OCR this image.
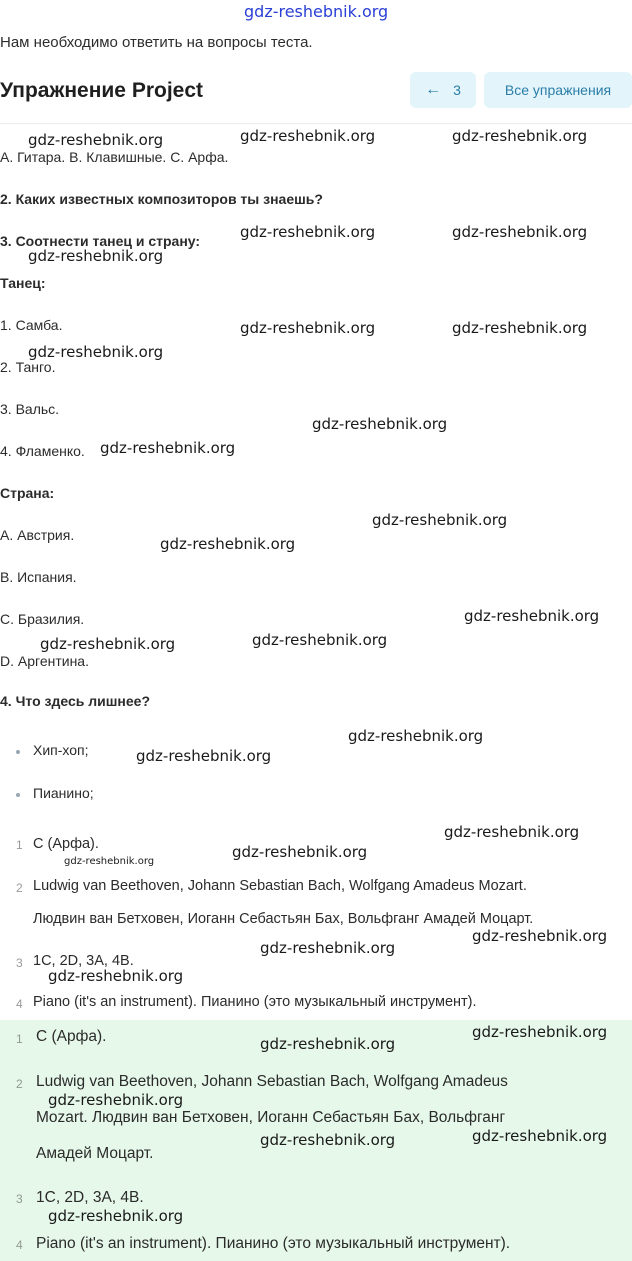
gdz-reshebnik.org
Нам необходимо ответить на вопросы теста.
Упражнение Project	← 3	Все упражнения
A. Гитара. B. Клавишные. C. Арфа.
2. Каких известных композиторов ты знаешь?
3. Соотнести танец и страну:
Танец:
1. Самба.
2. Танго.
3. Вальс.
4. Фламенко.
Страна:
A. Австрия.
B. Испания.
C. Бразилия.
D. Аргентина.
4. Что здесь лишнее?
Хип-хоп;
Пианино;
1 C (Арфа).
2 Ludwig van Beethoven, Johann Sebastian Bach, Wolfgang Amadeus Mozart.
Людвин ван Бетховен, Иоганн Себастьян Бах, Вольфганг Амадей Моцарт.
3 1C, 2D, 3A, 4B.
4 Piano (it's an instrument). Пианино (это музыкальный инструмент).
1 C (Арфа).
2 Ludwig van Beethoven, Johann Sebastian Bach, Wolfgang Amadeus
Mozart. Людвин ван Бетховен, Иоганн Себастьян Бах, Вольфганг
Амадей Моцарт.
3 1C, 2D, 3A, 4B.
4 Piano (it's an instrument). Пианино (это музыкальный инструмент).
gdz-reshebnik.org	gdz-reshebnik.org	gdz-reshebnik.org
gdz-reshebnik.org	gdz-reshebnik.org
gdz-reshebnik.org
gdz-reshebnik.org	gdz-reshebnik.org
gdz-reshebnik.org
gdz-reshebnik.org
gdz-reshebnik.org
gdz-reshebnik.org
gdz-reshebnik.org
gdz-reshebnik.org
gdz-reshebnik.org
gdz-reshebnik.org
gdz-reshebnik.org
gdz-reshebnik.org
gdz-reshebnik.org
gdz-reshebnik.org
gdz-reshebnik.org
gdz-reshebnik.org
gdz-reshebnik.org
gdz-reshebnik.org
gdz-reshebnik.org
gdz-reshebnik.org
gdz-reshebnik.org
gdz-reshebnik.org
gdz-reshebnik.org
gdz-reshebnik.org
